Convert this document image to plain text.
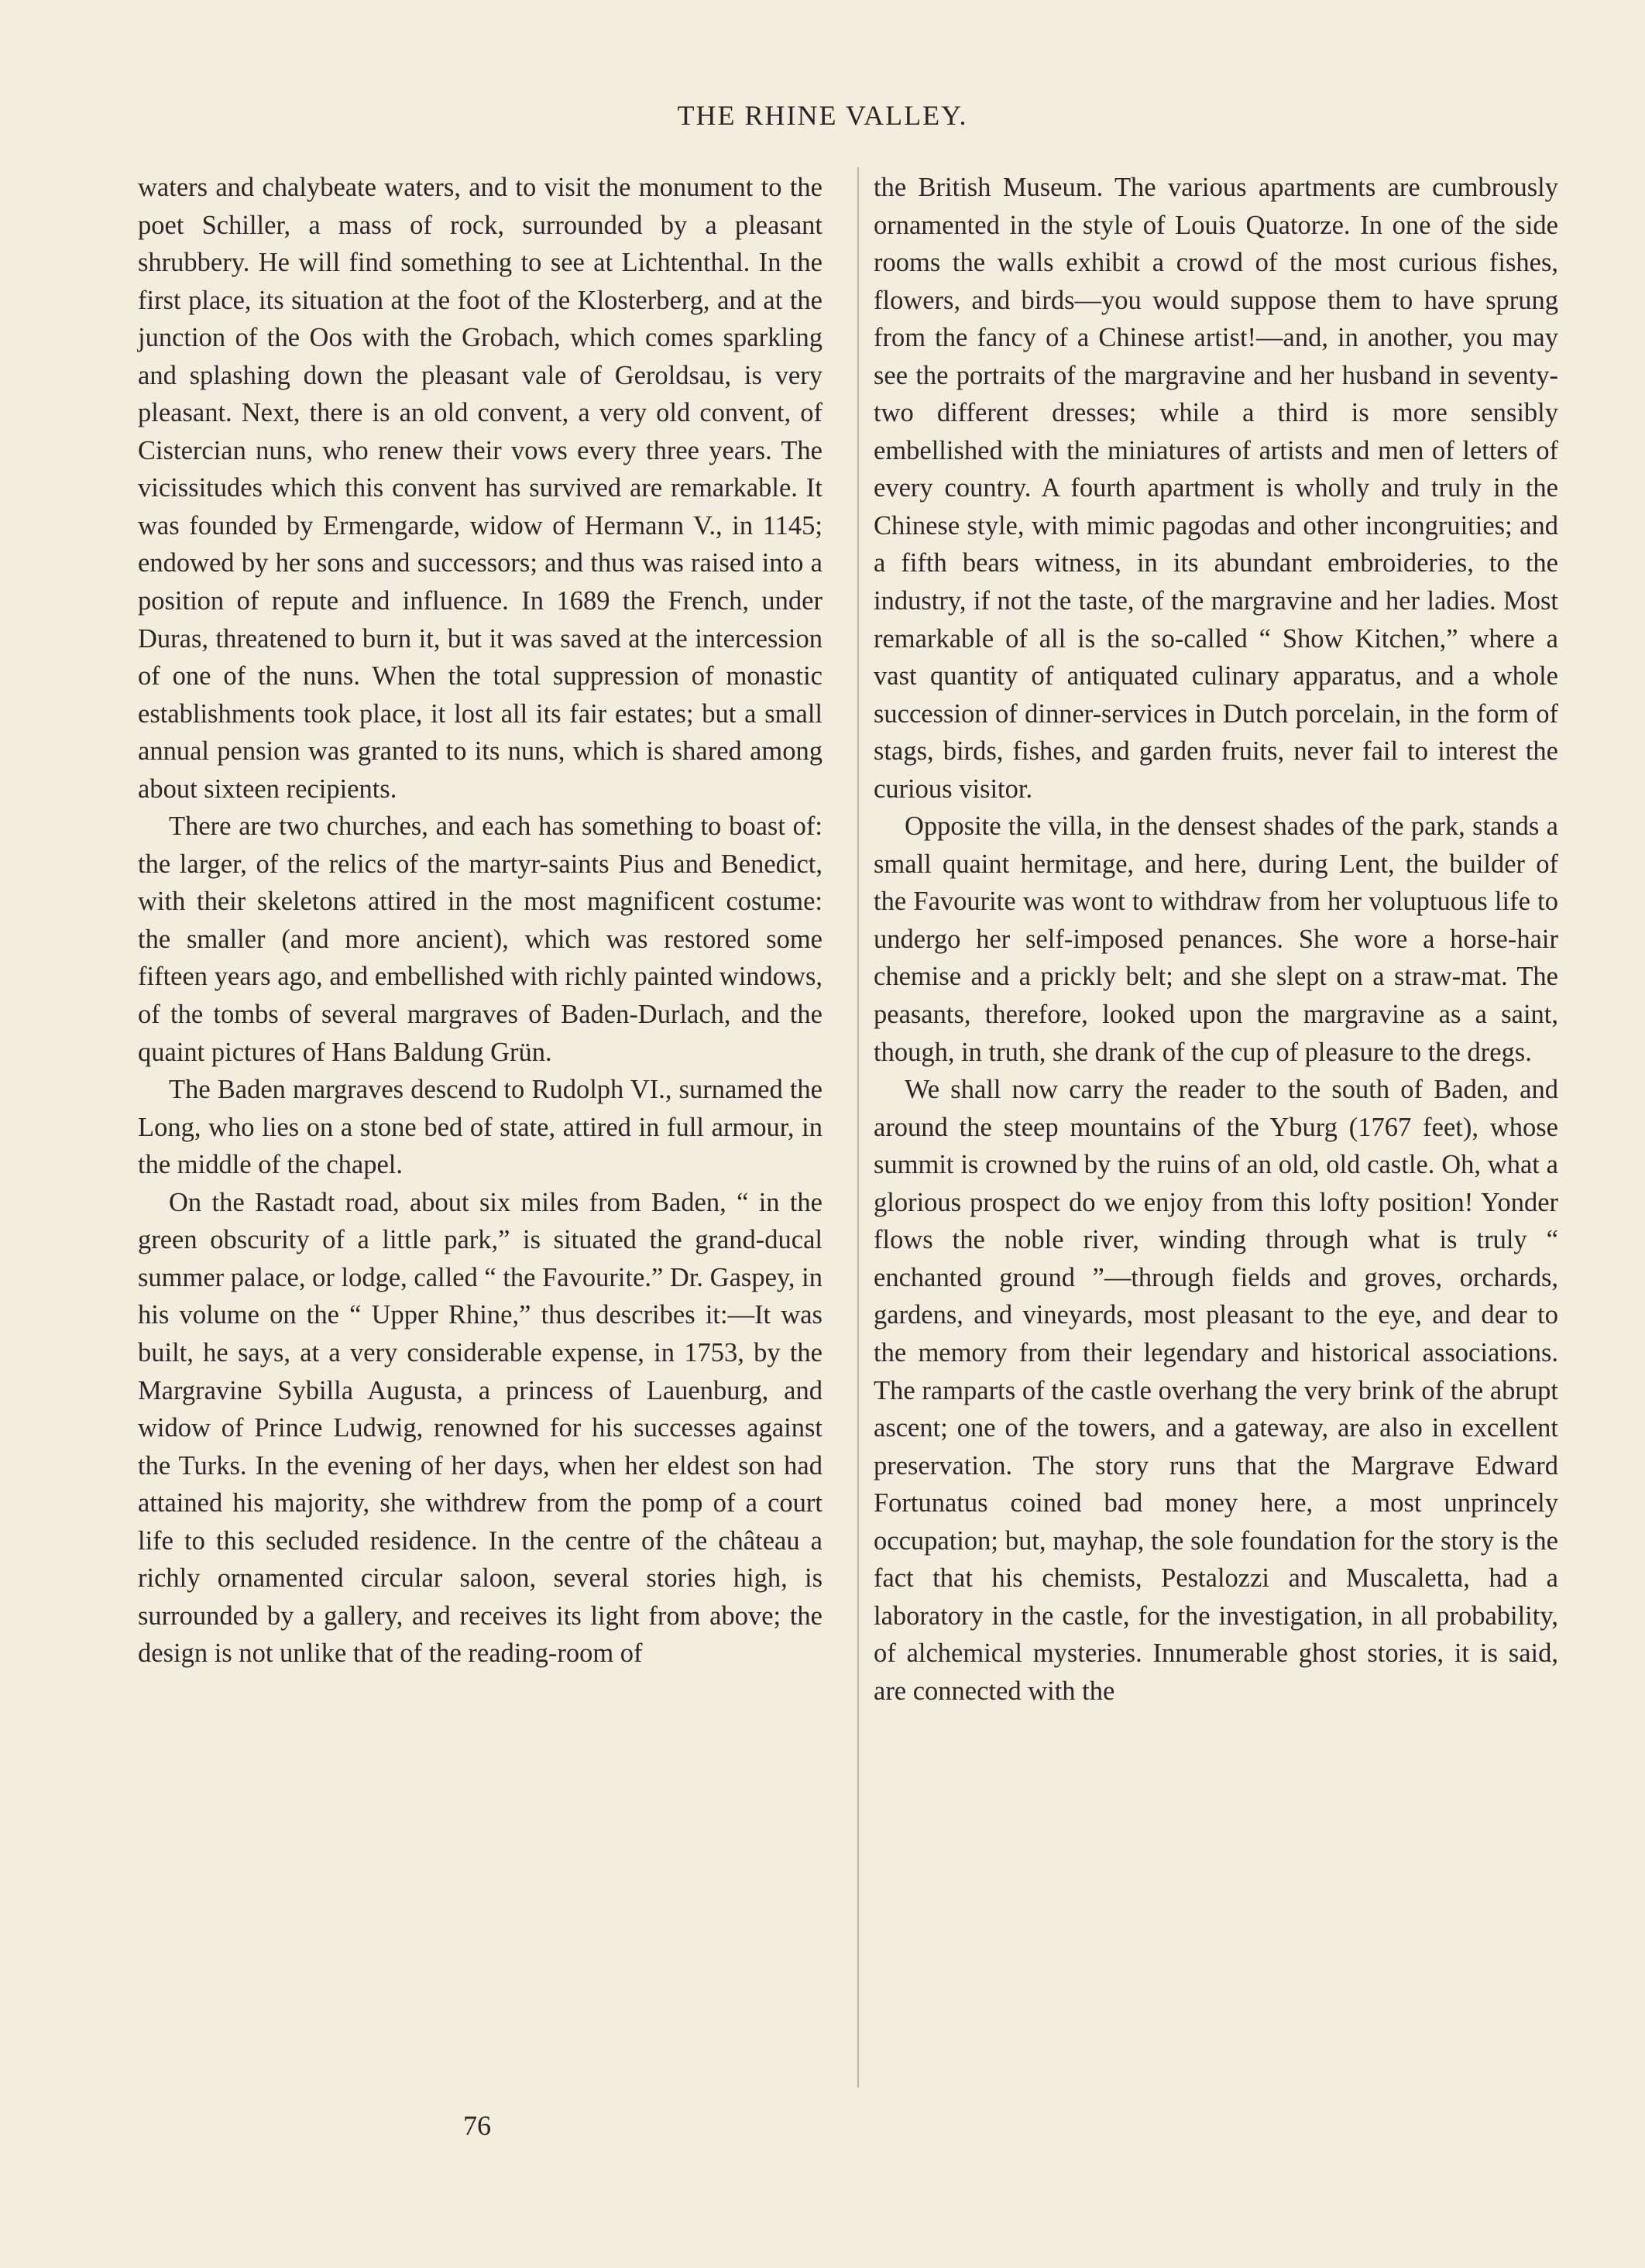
THE RHINE VALLEY.

waters and chalybeate waters, and to visit the monument to the poet Schiller, a mass of rock, surrounded by a pleasant shrubbery. He will find something to see at Lichtenthal. In the first place, its situation at the foot of the Klosterberg, and at the junction of the Oos with the Grobach, which comes sparkling and splashing down the pleasant vale of Geroldsau, is very pleasant. Next, there is an old convent, a very old convent, of Cistercian nuns, who renew their vows every three years. The vicissitudes which this convent has survived are remarkable. It was founded by Ermengarde, widow of Hermann V., in 1145; endowed by her sons and successors; and thus was raised into a position of repute and influence. In 1689 the French, under Duras, threatened to burn it, but it was saved at the intercession of one of the nuns. When the total suppression of monastic establishments took place, it lost all its fair estates; but a small annual pension was granted to its nuns, which is shared among about sixteen recipients.

There are two churches, and each has something to boast of: the larger, of the relics of the martyr-saints Pius and Benedict, with their skeletons attired in the most magnificent costume: the smaller (and more ancient), which was restored some fifteen years ago, and embellished with richly painted windows, of the tombs of several margraves of Baden-Durlach, and the quaint pictures of Hans Baldung Grün.

The Baden margraves descend to Rudolph VI., surnamed the Long, who lies on a stone bed of state, attired in full armour, in the middle of the chapel.

On the Rastadt road, about six miles from Baden, “ in the green obscurity of a little park,” is situated the grand-ducal summer palace, or lodge, called “ the Favourite.” Dr. Gaspey, in his volume on the “ Upper Rhine,” thus describes it:—It was built, he says, at a very considerable expense, in 1753, by the Margravine Sybilla Augusta, a princess of Lauenburg, and widow of Prince Ludwig, renowned for his successes against the Turks. In the evening of her days, when her eldest son had attained his majority, she withdrew from the pomp of a court life to this secluded residence. In the centre of the château a richly ornamented circular saloon, several stories high, is surrounded by a gallery, and receives its light from above; the design is not unlike that of the reading-room of

the British Museum. The various apartments are cumbrously ornamented in the style of Louis Quatorze. In one of the side rooms the walls exhibit a crowd of the most curious fishes, flowers, and birds—you would suppose them to have sprung from the fancy of a Chinese artist!—and, in another, you may see the portraits of the margravine and her husband in seventy-two different dresses; while a third is more sensibly embellished with the miniatures of artists and men of letters of every country. A fourth apartment is wholly and truly in the Chinese style, with mimic pagodas and other incongruities; and a fifth bears witness, in its abundant embroideries, to the industry, if not the taste, of the margravine and her ladies. Most remarkable of all is the so-called “ Show Kitchen,” where a vast quantity of antiquated culinary apparatus, and a whole succession of dinner-services in Dutch porcelain, in the form of stags, birds, fishes, and garden fruits, never fail to interest the curious visitor.

Opposite the villa, in the densest shades of the park, stands a small quaint hermitage, and here, during Lent, the builder of the Favourite was wont to withdraw from her voluptuous life to undergo her self-imposed penances. She wore a horse-hair chemise and a prickly belt; and she slept on a straw-mat. The peasants, therefore, looked upon the margravine as a saint, though, in truth, she drank of the cup of pleasure to the dregs.

We shall now carry the reader to the south of Baden, and around the steep mountains of the Yburg (1767 feet), whose summit is crowned by the ruins of an old, old castle. Oh, what a glorious prospect do we enjoy from this lofty position! Yonder flows the noble river, winding through what is truly “ enchanted ground ”—through fields and groves, orchards, gardens, and vineyards, most pleasant to the eye, and dear to the memory from their legendary and historical associations. The ramparts of the castle overhang the very brink of the abrupt ascent; one of the towers, and a gateway, are also in excellent preservation. The story runs that the Margrave Edward Fortunatus coined bad money here, a most unprincely occupation; but, mayhap, the sole foundation for the story is the fact that his chemists, Pestalozzi and Muscaletta, had a laboratory in the castle, for the investigation, in all probability, of alchemical mysteries. Innumerable ghost stories, it is said, are connected with the

76
